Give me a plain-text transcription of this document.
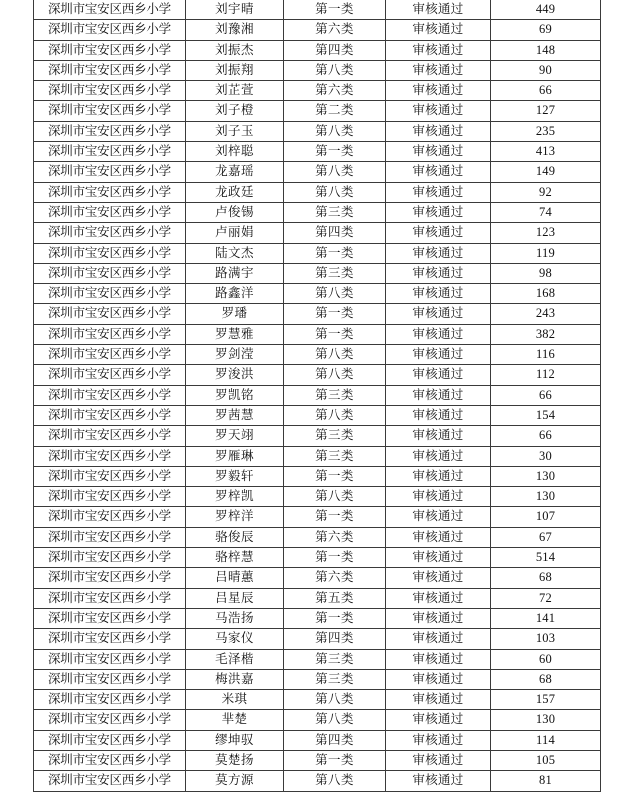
深圳市宝安区西乡小学	刘宇晴	第一类	审核通过	449
深圳市宝安区西乡小学	刘豫湘	第六类	审核通过	69
深圳市宝安区西乡小学	刘振杰	第四类	审核通过	148
深圳市宝安区西乡小学	刘振翔	第八类	审核通过	90
深圳市宝安区西乡小学	刘芷萱	第六类	审核通过	66
深圳市宝安区西乡小学	刘子橙	第二类	审核通过	127
深圳市宝安区西乡小学	刘子玉	第八类	审核通过	235
深圳市宝安区西乡小学	刘梓聪	第一类	审核通过	413
深圳市宝安区西乡小学	龙嘉瑶	第八类	审核通过	149
深圳市宝安区西乡小学	龙政廷	第八类	审核通过	92
深圳市宝安区西乡小学	卢俊锡	第三类	审核通过	74
深圳市宝安区西乡小学	卢丽娟	第四类	审核通过	123
深圳市宝安区西乡小学	陆文杰	第一类	审核通过	119
深圳市宝安区西乡小学	路满宇	第三类	审核通过	98
深圳市宝安区西乡小学	路鑫洋	第八类	审核通过	168
深圳市宝安区西乡小学	罗璠	第一类	审核通过	243
深圳市宝安区西乡小学	罗慧雅	第一类	审核通过	382
深圳市宝安区西乡小学	罗剑滢	第八类	审核通过	116
深圳市宝安区西乡小学	罗浚洪	第八类	审核通过	112
深圳市宝安区西乡小学	罗凯铭	第三类	审核通过	66
深圳市宝安区西乡小学	罗茜慧	第八类	审核通过	154
深圳市宝安区西乡小学	罗天翊	第三类	审核通过	66
深圳市宝安区西乡小学	罗雁琳	第三类	审核通过	30
深圳市宝安区西乡小学	罗毅轩	第一类	审核通过	130
深圳市宝安区西乡小学	罗梓凯	第八类	审核通过	130
深圳市宝安区西乡小学	罗梓洋	第一类	审核通过	107
深圳市宝安区西乡小学	骆俊辰	第六类	审核通过	67
深圳市宝安区西乡小学	骆梓慧	第一类	审核通过	514
深圳市宝安区西乡小学	吕晴蕙	第六类	审核通过	68
深圳市宝安区西乡小学	吕星辰	第五类	审核通过	72
深圳市宝安区西乡小学	马浩扬	第一类	审核通过	141
深圳市宝安区西乡小学	马家仪	第四类	审核通过	103
深圳市宝安区西乡小学	毛泽楷	第三类	审核通过	60
深圳市宝安区西乡小学	梅洪嘉	第三类	审核通过	68
深圳市宝安区西乡小学	米琪	第八类	审核通过	157
深圳市宝安区西乡小学	芈楚	第八类	审核通过	130
深圳市宝安区西乡小学	缪坤驭	第四类	审核通过	114
深圳市宝安区西乡小学	莫楚扬	第一类	审核通过	105
深圳市宝安区西乡小学	莫方源	第八类	审核通过	81
